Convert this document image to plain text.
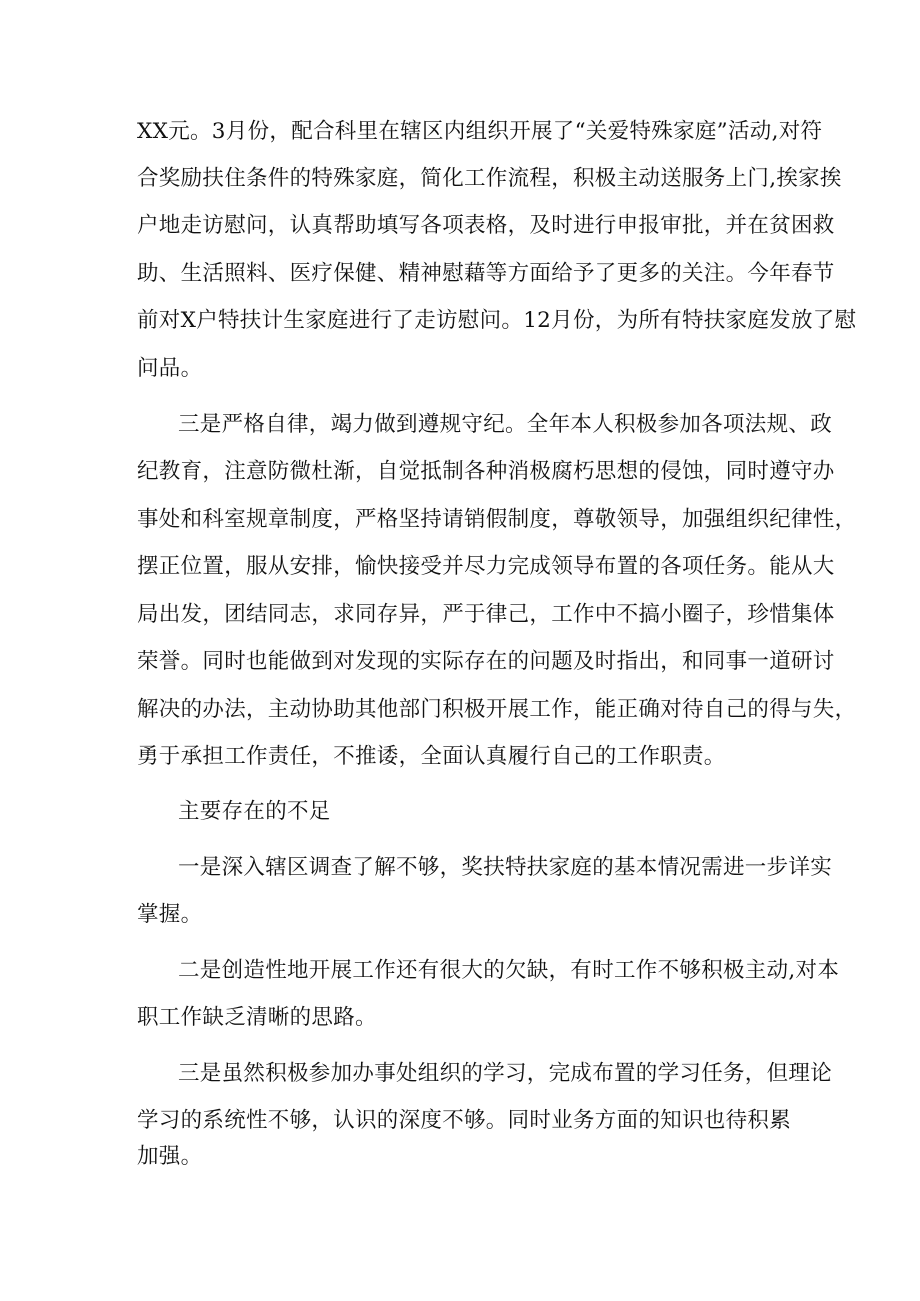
XX元。3月份，配合科里在辖区内组织开展了“关爱特殊家庭”活动,对符

合奖励扶住条件的特殊家庭，简化工作流程，积极主动送服务上门,挨家挨

户地走访慰问，认真帮助填写各项表格，及时进行申报审批，并在贫困救

助、生活照料、医疗保健、精神慰藉等方面给予了更多的关注。今年春节

前对X户特扶计生家庭进行了走访慰问。12月份，为所有特扶家庭发放了慰

问品。

三是严格自律，竭力做到遵规守纪。全年本人积极参加各项法规、政

纪教育，注意防微杜渐，自觉抵制各种消极腐朽思想的侵蚀，同时遵守办

事处和科室规章制度，严格坚持请销假制度，尊敬领导，加强组织纪律性，

摆正位置，服从安排，愉快接受并尽力完成领导布置的各项任务。能从大

局出发，团结同志，求同存异，严于律己，工作中不搞小圈子，珍惜集体

荣誉。同时也能做到对发现的实际存在的问题及时指出，和同事一道研讨

解决的办法，主动协助其他部门积极开展工作，能正确对待自己的得与失，

勇于承担工作责任，不推诿，全面认真履行自己的工作职责。

主要存在的不足

一是深入辖区调查了解不够，奖扶特扶家庭的基本情况需进一步详实

掌握。

二是创造性地开展工作还有很大的欠缺，有时工作不够积极主动,对本

职工作缺乏清晰的思路。

三是虽然积极参加办事处组织的学习，完成布置的学习任务，但理论

学习的系统性不够，认识的深度不够。同时业务方面的知识也待积累

加强。
